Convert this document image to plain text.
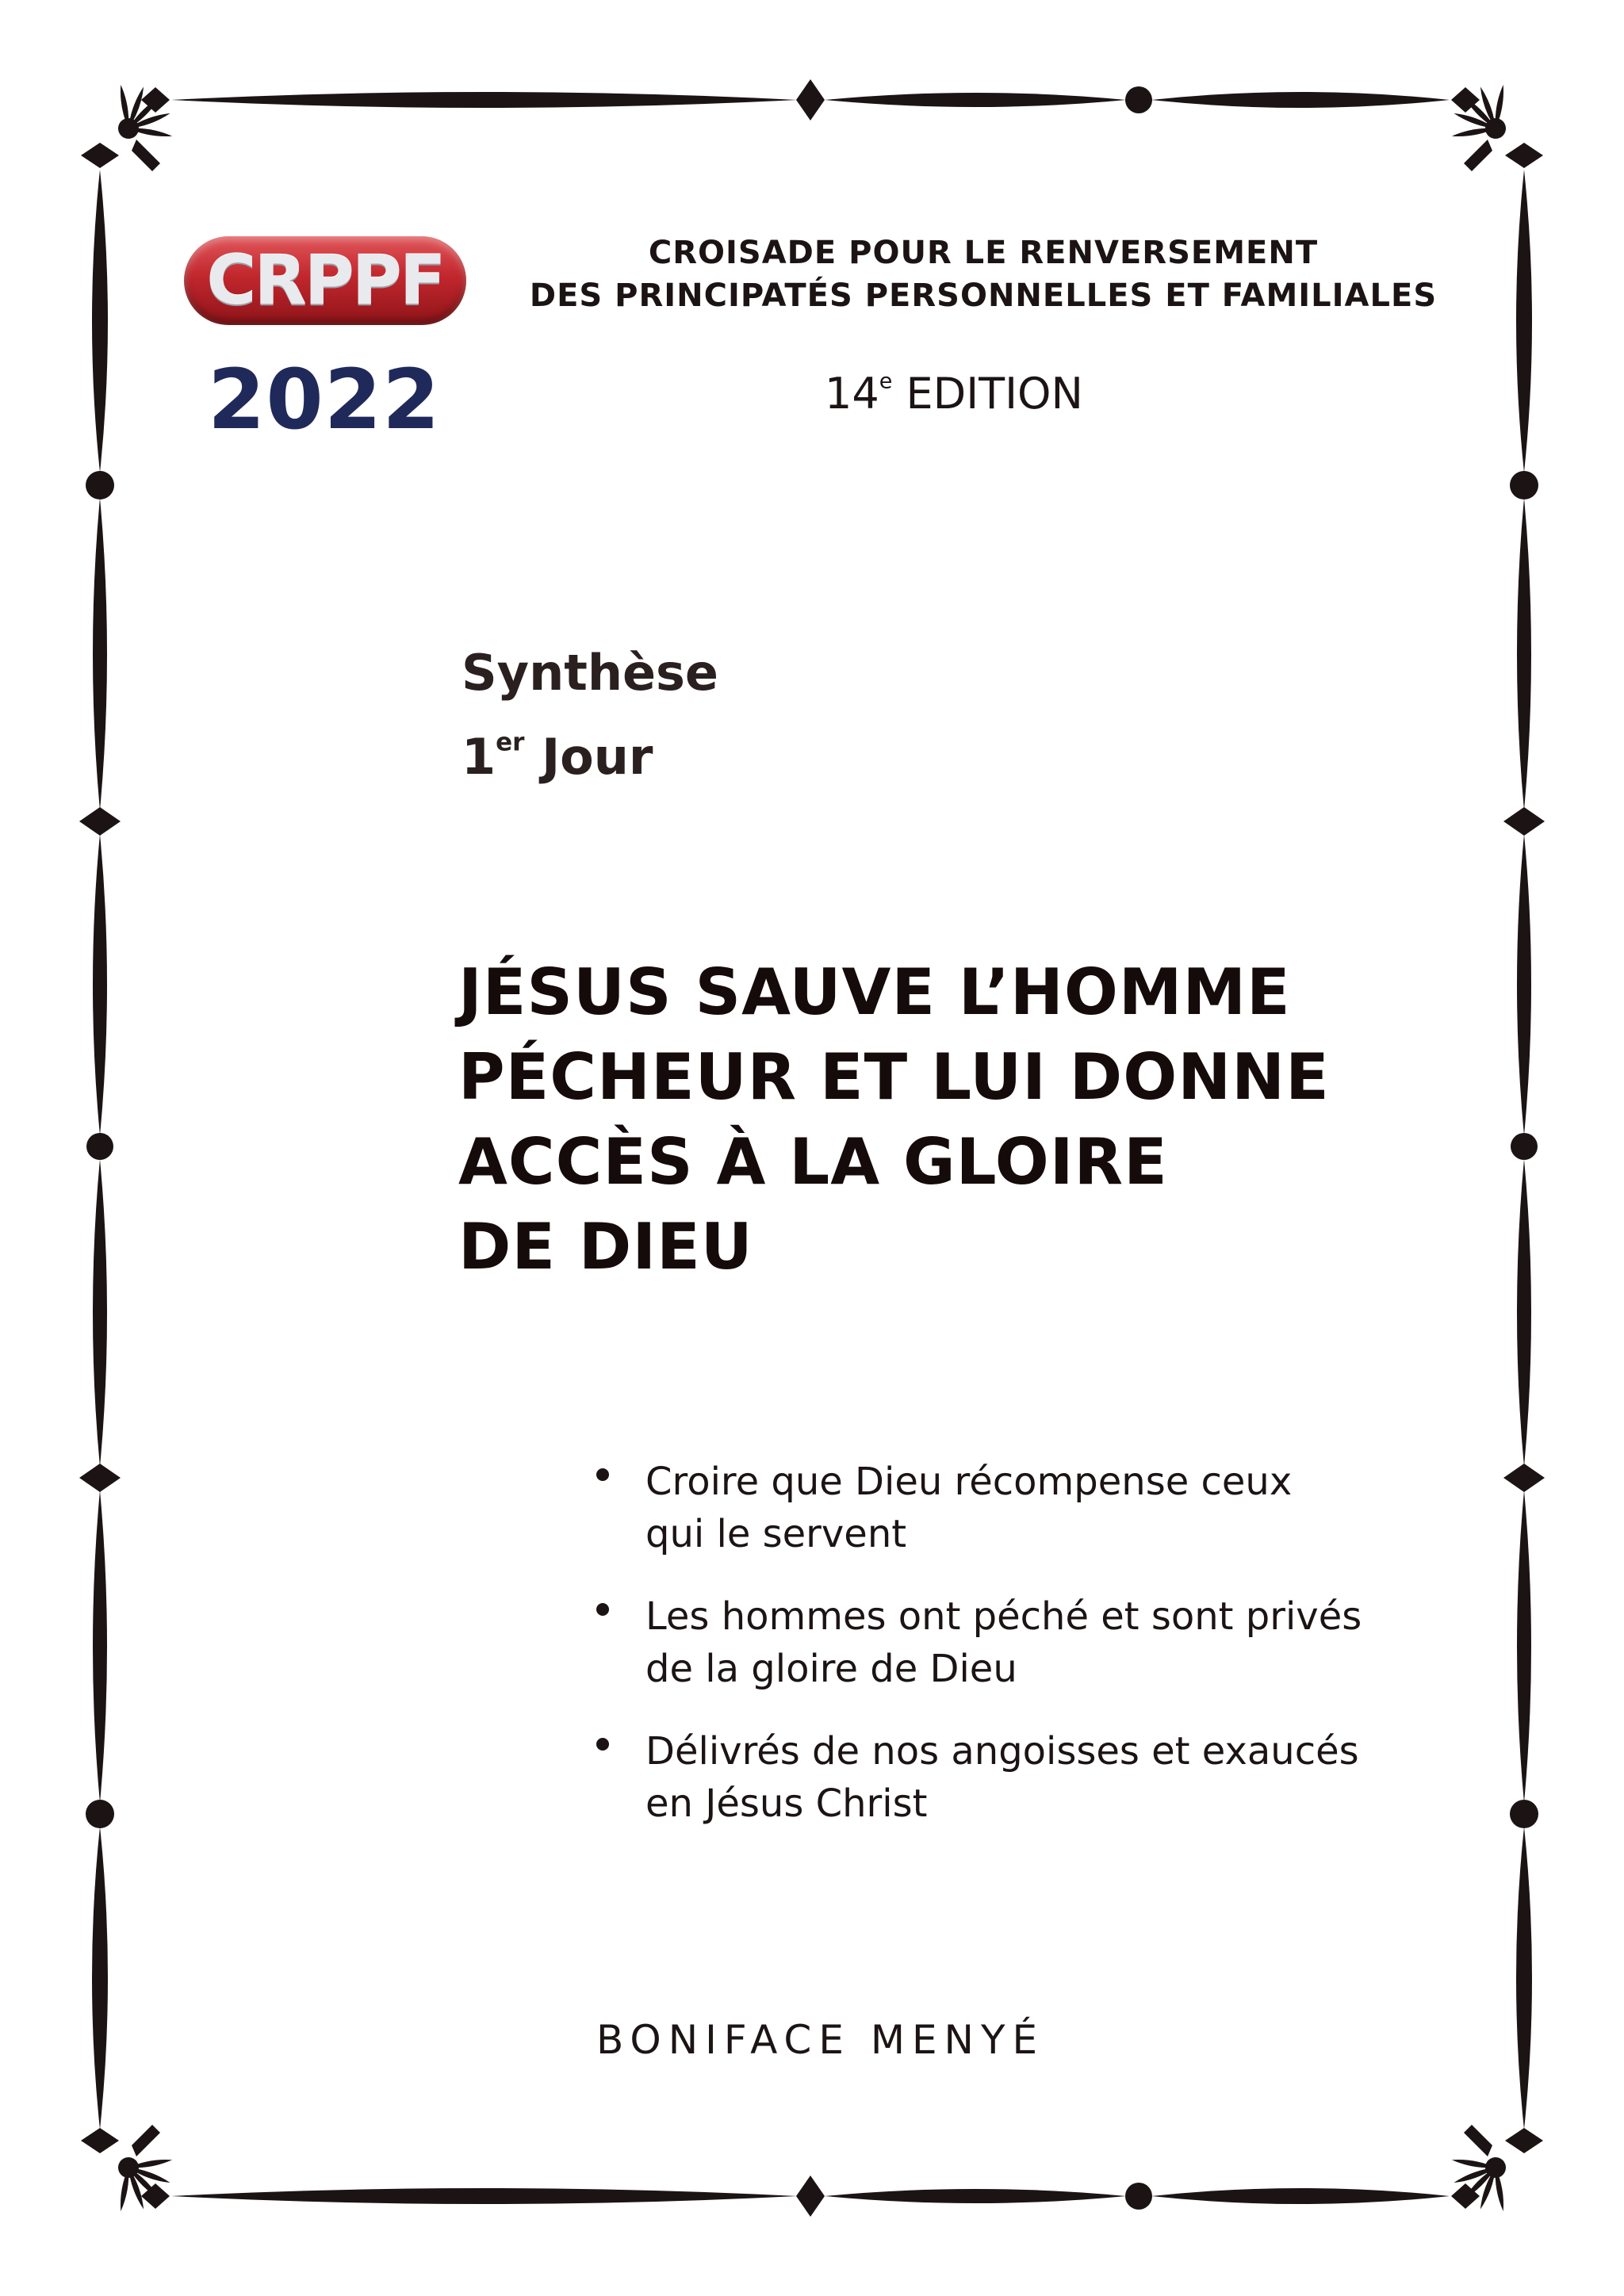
CRPPF
2022
CROISADE POUR LE RENVERSEMENT
DES PRINCIPATÉS PERSONNELLES ET FAMILIALES
14e EDITION
Synthèse
1er Jour
JÉSUS SAUVE L’HOMME
PÉCHEUR ET LUI DONNE
ACCÈS À LA GLOIRE
DE DIEU
Croire que Dieu récompense ceux
qui le servent
Les hommes ont péché et sont privés
de la gloire de Dieu
Délivrés de nos angoisses et exaucés
en Jésus Christ
BONIFACE MENYÉ
